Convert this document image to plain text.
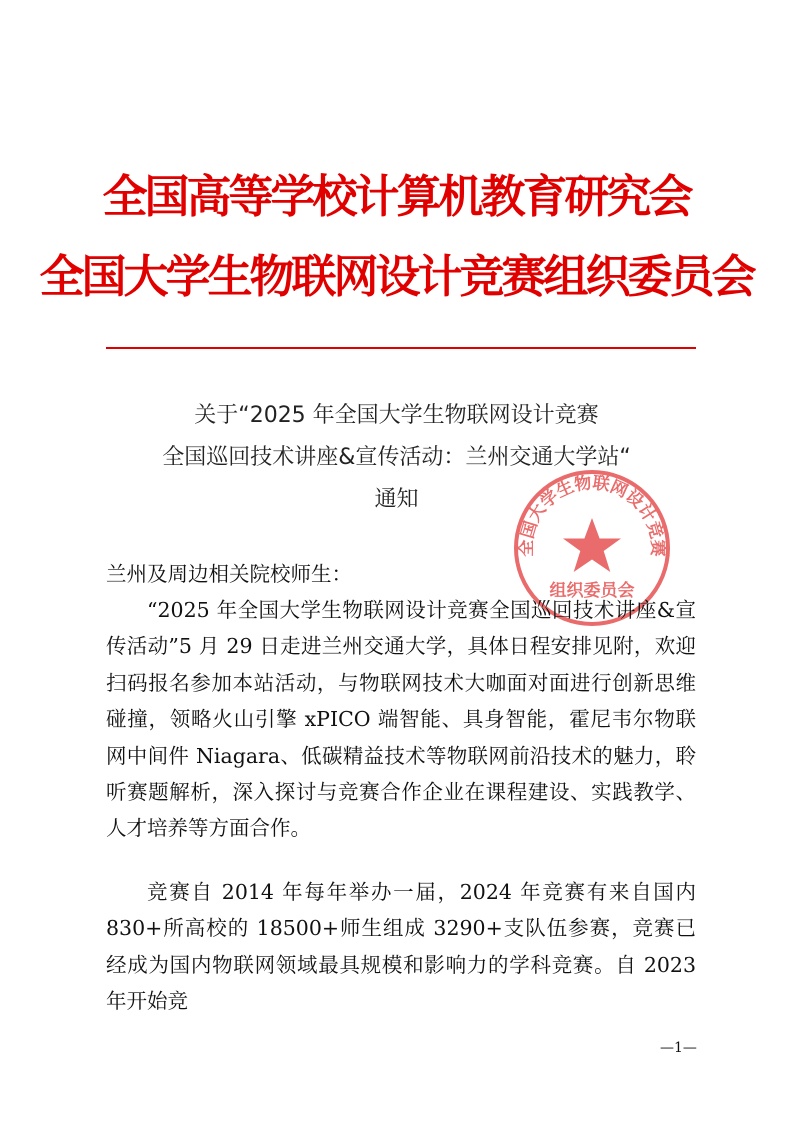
全国高等学校计算机教育研究会
全国大学生物联网设计竞赛组织委员会
关于“2025 年全国大学生物联网设计竞赛
全国巡回技术讲座&宣传活动：兰州交通大学站“
通知
全国大学生物联网设计竞赛
组织委员会
兰州及周边相关院校师生：
“2025 年全国大学生物联网设计竞赛全国巡回技术讲座&宣传活动”5 月 29 日走进兰州交通大学，具体日程安排见附，欢迎扫码报名参加本站活动，与物联网技术大咖面对面进行创新思维碰撞，领略火山引擎 xPICO 端智能、具身智能，霍尼韦尔物联网中间件 Niagara、低碳精益技术等物联网前沿技术的魅力，聆听赛题解析，深入探讨与竞赛合作企业在课程建设、实践教学、人才培养等方面合作。
竞赛自 2014 年每年举办一届，2024 年竞赛有来自国内 830+所高校的 18500+师生组成 3290+支队伍参赛，竞赛已经成为国内物联网领域最具规模和影响力的学科竞赛。自 2023 年开始竞
—1—
